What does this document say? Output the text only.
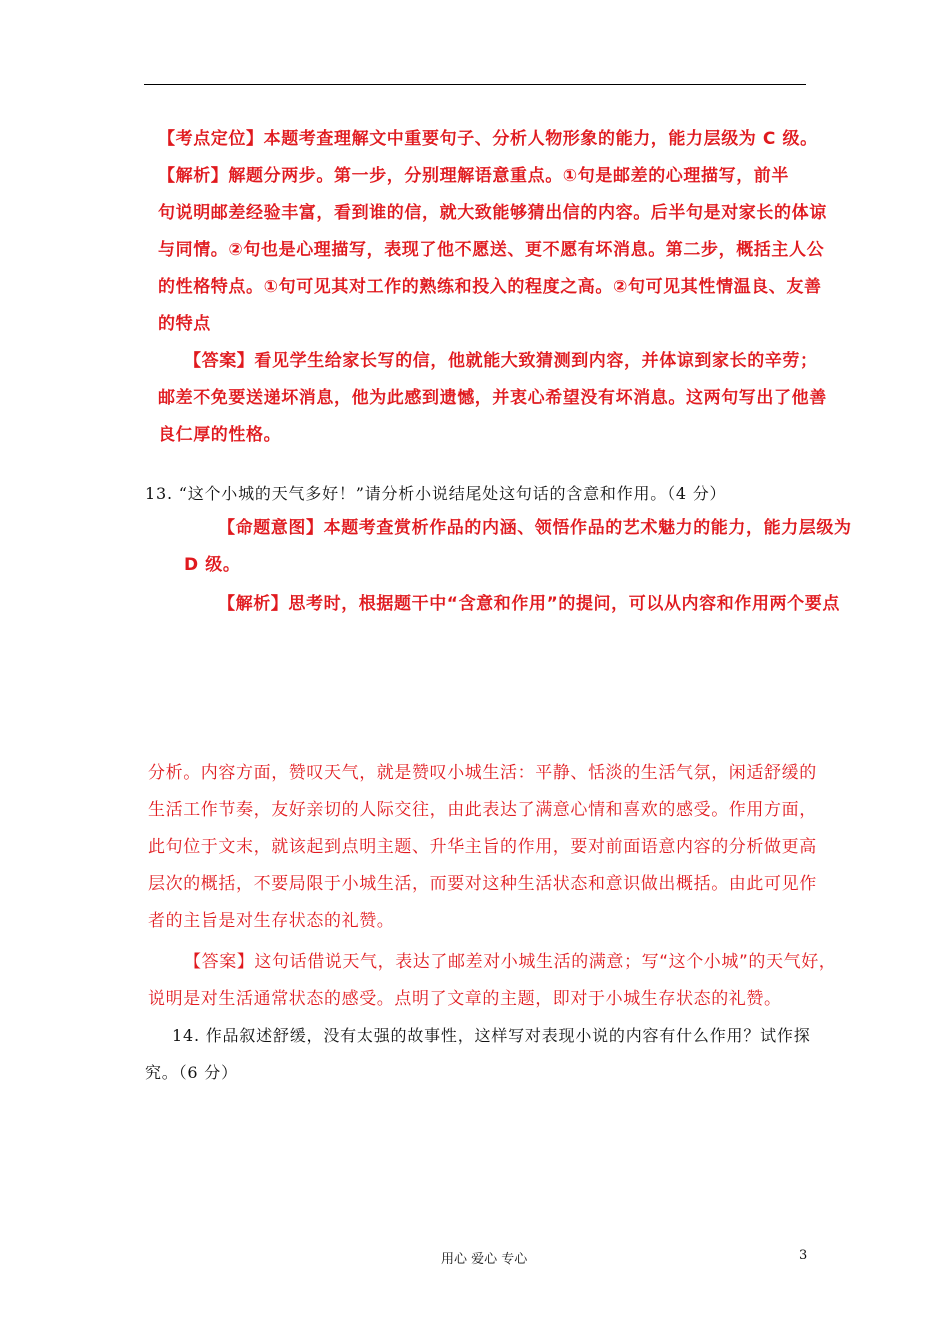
【考点定位】本题考查理解文中重要句子、分析人物形象的能力，能力层级为 C 级。

【解析】解题分两步。第一步，分别理解语意重点。①句是邮差的心理描写，前半

句说明邮差经验丰富，看到谁的信，就大致能够猜出信的内容。后半句是对家长的体谅

与同情。②句也是心理描写，表现了他不愿送、更不愿有坏消息。第二步，概括主人公

的性格特点。①句可见其对工作的熟练和投入的程度之高。②句可见其性情温良、友善

的特点

【答案】看见学生给家长写的信，他就能大致猜测到内容，并体谅到家长的辛劳；

邮差不免要送递坏消息，他为此感到遗憾，并衷心希望没有坏消息。这两句写出了他善

良仁厚的性格。

13. “这个小城的天气多好！”请分析小说结尾处这句话的含意和作用。（4 分）

【命题意图】本题考查赏析作品的内涵、领悟作品的艺术魅力的能力，能力层级为

D 级。

【解析】思考时，根据题干中“含意和作用”的提问，可以从内容和作用两个要点

分析。内容方面，赞叹天气，就是赞叹小城生活：平静、恬淡的生活气氛，闲适舒缓的

生活工作节奏，友好亲切的人际交往，由此表达了满意心情和喜欢的感受。作用方面，

此句位于文末，就该起到点明主题、升华主旨的作用，要对前面语意内容的分析做更高

层次的概括，不要局限于小城生活，而要对这种生活状态和意识做出概括。由此可见作

者的主旨是对生存状态的礼赞。

【答案】这句话借说天气，表达了邮差对小城生活的满意；写“这个小城”的天气好，

说明是对生活通常状态的感受。点明了文章的主题，即对于小城生存状态的礼赞。

14. 作品叙述舒缓，没有太强的故事性，这样写对表现小说的内容有什么作用？试作探

究。（6 分）

用心 爱心 专心	3
